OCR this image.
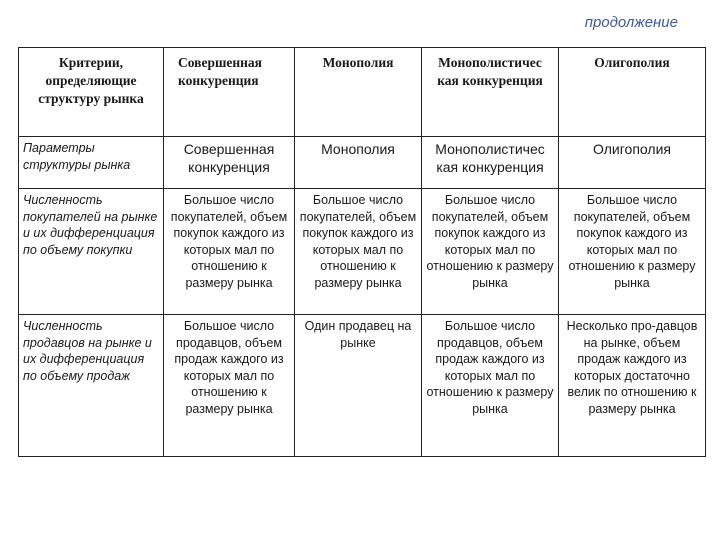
продолжение
Критерии, определяющие структуру рынка	Совершенная конкуренция	Монополия	Монополистичес кая конкуренция	Олигополия
Параметры структуры рынка	Совершенная конкуренция	Монополия	Монополистичес кая конкуренция	Олигополия
Численность покупателей на рынке и их дифференциация по объему покупки	Большое число покупателей, объем покупок каждого из которых мал по отношению к размеру рынка	Большое число покупателей, объем покупок каждого из которых мал по отношению к размеру рынка	Большое число покупателей, объем покупок каждого из которых мал по отношению к размеру рынка	Большое число покупателей, объем покупок каждого из которых мал по отношению к размеру рынка
Численность продавцов на рынке и их дифференциация по объему продаж	Большое число продавцов, объем продаж каждого из которых мал по отношению к размеру рынка	Один продавец на рынке	Большое число продавцов, объем продаж каждого из которых мал по отношению к размеру рынка	Несколько про-давцов на рынке, объем продаж каждого из которых достаточно велик по отношению к размеру рынка
